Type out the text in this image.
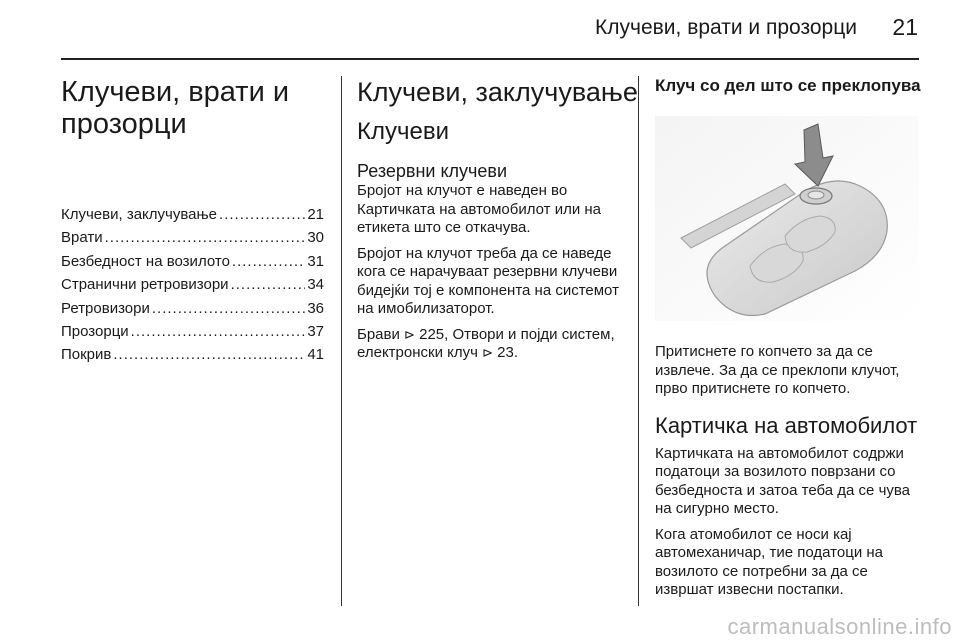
Клучеви, врати и прозорци 21
Клучеви, врати и
прозорци
Клучеви, заклучување .....	21
Врати .....	30
Безбедност на возилото .....	31
Странични ретровизори .....	34
Ретровизори .....	36
Прозорци .....	37
Покрив .....	41
Клучеви, заклучување
Клучеви
Резервни клучеви

Бројот на клучот е наведен во Картичката на автомобилот или на етикета што се откачува.

Бројот на клучот треба да се наведе кога се нарачуваат резервни клучеви бидејќи тој е компонента на системот на имобилизаторот.

Брави ⊳ 225, Отвори и појди систем, електронски клуч ⊳ 23.

Клуч со дел што се преклопува

Притиснете го копчето за да се извлече. За да се преклопи клучот, прво притиснете го копчето.

Картичка на автомобилот

Картичката на автомобилот содржи податоци за возилото поврзани со безбедноста и затоа теба да се чува на сигурно место.

Кога атомобилот се носи кај автомеханичар, тие податоци на возилото се потребни за да се извршат извесни постапки.

carmanualsonline.info
